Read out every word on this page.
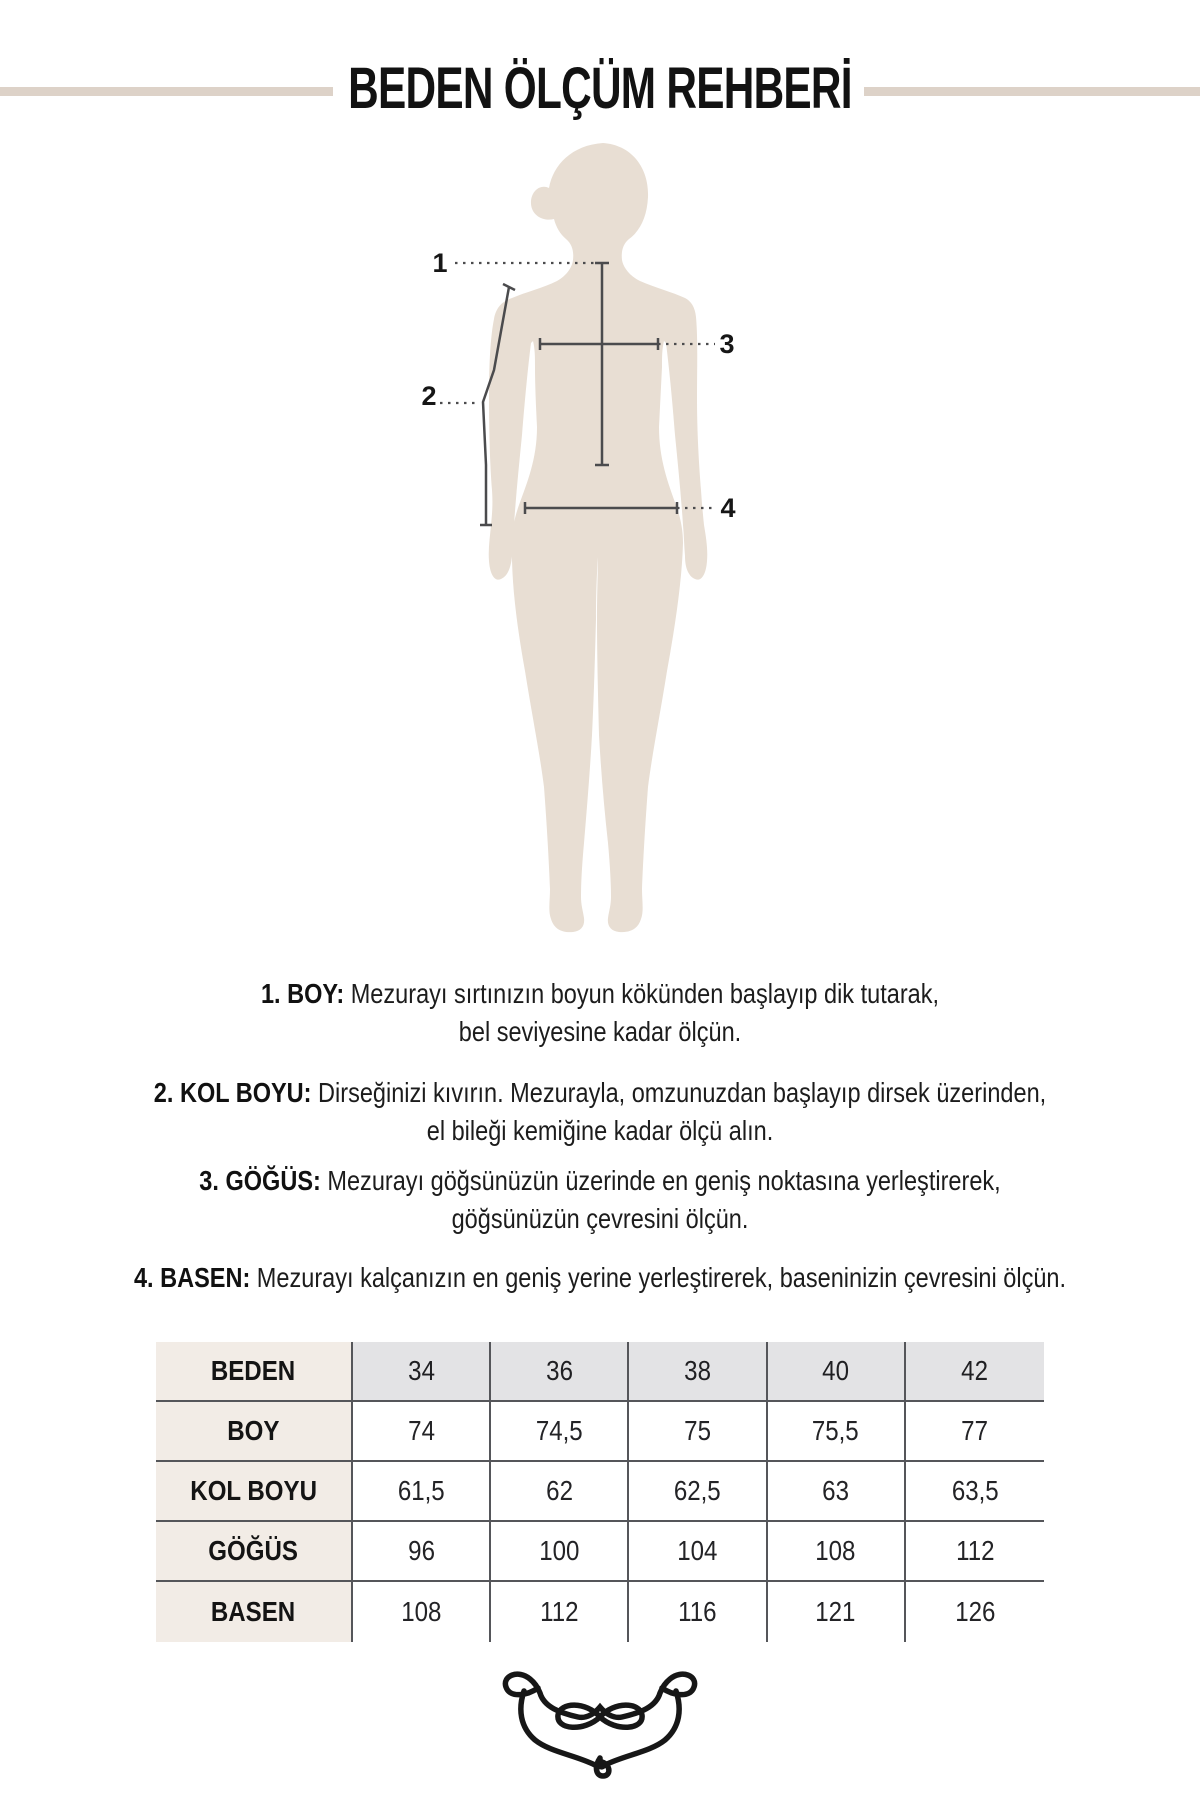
BEDEN ÖLÇÜM REHBERİ
1
2
3
4

1. BOY: Mezurayı sırtınızın boyun kökünden başlayıp dik tutarak,
bel seviyesine kadar ölçün.

2. KOL BOYU: Dirseğinizi kıvırın. Mezurayla, omzunuzdan başlayıp dirsek üzerinden,
el bileği kemiğine kadar ölçü alın.

3. GÖĞÜS: Mezurayı göğsünüzün üzerinde en geniş noktasına yerleştirerek,
göğsünüzün çevresini ölçün.

4. BASEN: Mezurayı kalçanızın en geniş yerine yerleştirerek, baseninizin çevresini ölçün.

BEDEN	34	36	38	40	42
BOY	74	74,5	75	75,5	77
KOL BOYU	61,5	62	62,5	63	63,5
GÖĞÜS	96	100	104	108	112
BASEN	108	112	116	121	126
